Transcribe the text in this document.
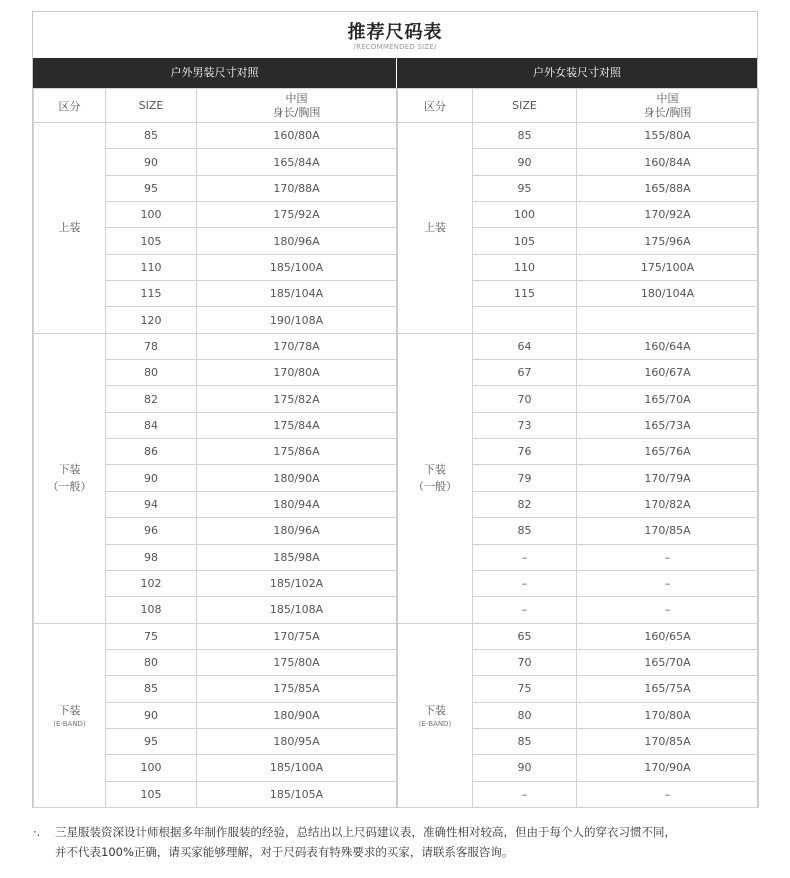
推荐尺码表
/RECOMMENDED SIZE/
户外男装尺寸对照	户外女装尺寸对照
区分	SIZE	中国
身长/胸围

上装	85	160/80A
	90	165/84A
	95	170/88A
	100	175/92A
	105	180/96A
	110	185/100A
	115	185/104A
	120	190/108A

下装
（一般）	78	170/78A
	80	170/80A
	82	175/82A
	84	175/84A
	86	175/86A
	90	180/90A
	94	180/94A
	96	180/96A
	98	185/98A
	102	185/102A
	108	185/108A

下装
(E-BAND)	75	170/75A
	80	175/80A
	85	175/85A
	90	180/90A
	95	180/95A
	100	185/100A
	105	185/105A
区分	SIZE	中国
身长/胸围

上装	85	155/80A
	90	160/84A
	95	165/88A
	100	170/92A
	105	175/96A
	110	175/100A
	115	180/104A

下装
（一般）	64	160/64A
	67	160/67A
	70	165/70A
	73	165/73A
	76	165/76A
	79	170/79A
	82	170/82A
	85	170/85A
	–	–
	–	–
	–	–

下装
(E-BAND)	65	160/65A
	70	165/70A
	75	165/75A
	80	170/80A
	85	170/85A
	90	170/90A
	–	–
·. 三星服装资深设计师根据多年制作服装的经验，总结出以上尺码建议表，准确性相对较高，但由于每个人的穿衣习惯不同，
并不代表100%正确，请买家能够理解，对于尺码表有特殊要求的买家，请联系客服咨询。
